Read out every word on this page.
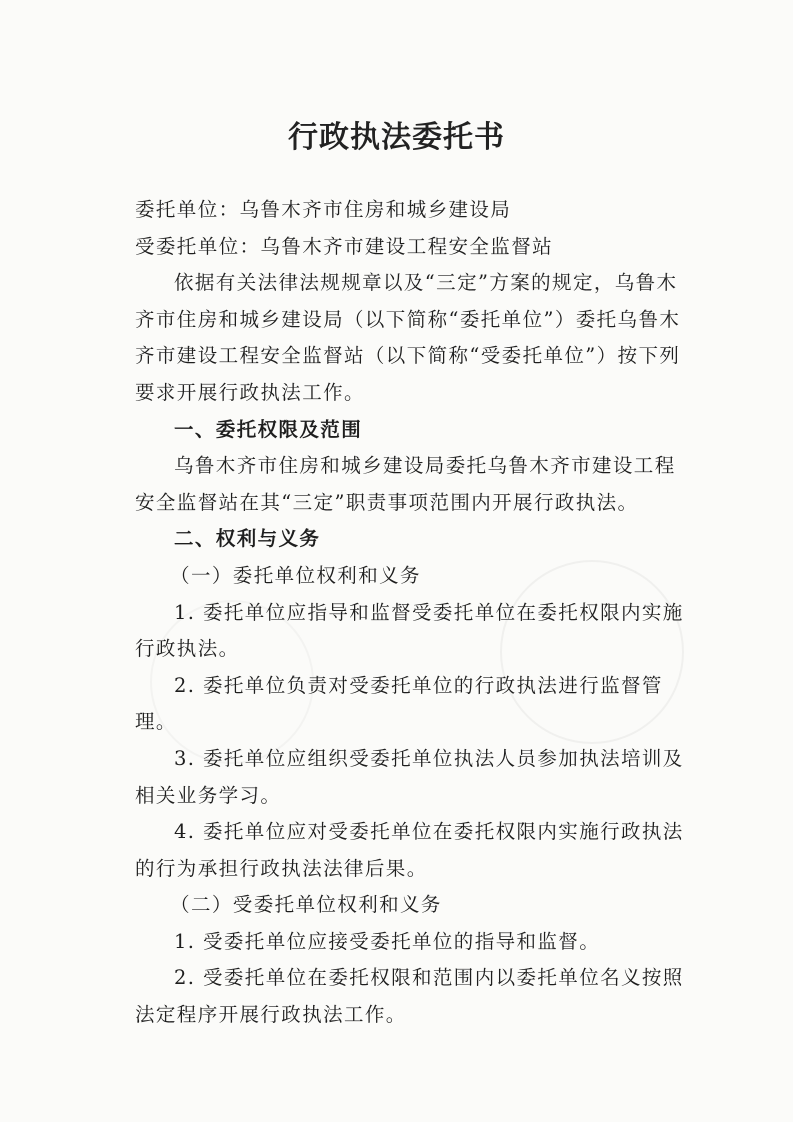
行政执法委托书

委托单位：乌鲁木齐市住房和城乡建设局

受委托单位：乌鲁木齐市建设工程安全监督站

依据有关法律法规规章以及“三定”方案的规定，乌鲁木齐市住房和城乡建设局（以下简称“委托单位”）委托乌鲁木齐市建设工程安全监督站（以下简称“受委托单位”）按下列要求开展行政执法工作。

一、委托权限及范围

乌鲁木齐市住房和城乡建设局委托乌鲁木齐市建设工程安全监督站在其“三定”职责事项范围内开展行政执法。

二、权利与义务

（一）委托单位权利和义务

1. 委托单位应指导和监督受委托单位在委托权限内实施行政执法。

2. 委托单位负责对受委托单位的行政执法进行监督管理。

3. 委托单位应组织受委托单位执法人员参加执法培训及相关业务学习。

4. 委托单位应对受委托单位在委托权限内实施行政执法的行为承担行政执法法律后果。

（二）受委托单位权利和义务

1. 受委托单位应接受委托单位的指导和监督。

2. 受委托单位在委托权限和范围内以委托单位名义按照法定程序开展行政执法工作。
